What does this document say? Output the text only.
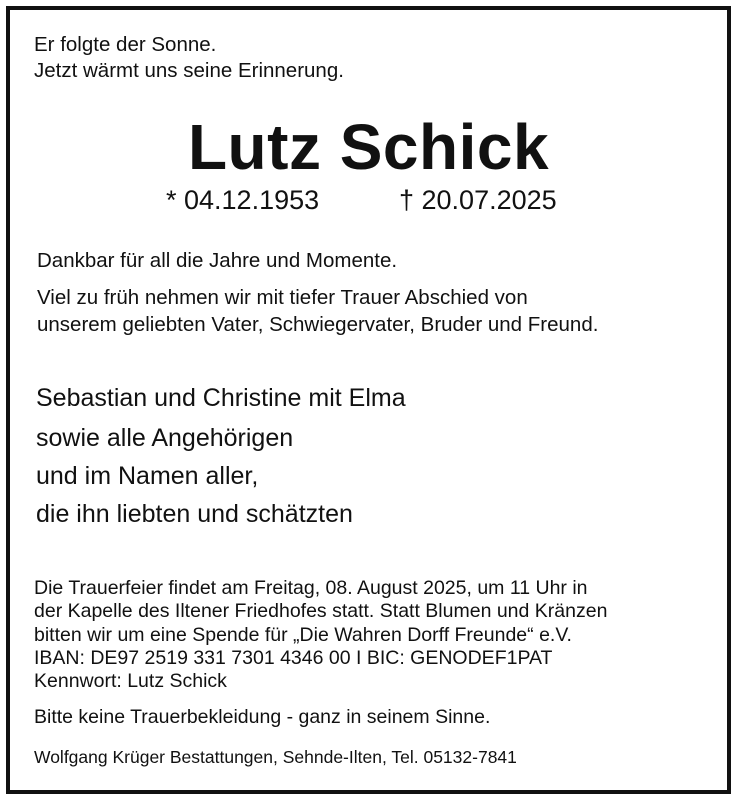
Er folgte der Sonne.
Jetzt wärmt uns seine Erinnerung.
Lutz Schick
* 04.12.1953	† 20.07.2025
Dankbar für all die Jahre und Momente.
Viel zu früh nehmen wir mit tiefer Trauer Abschied von
unserem geliebten Vater, Schwiegervater, Bruder und Freund.
Sebastian und Christine mit Elma
sowie alle Angehörigen
und im Namen aller,
die ihn liebten und schätzten
Die Trauerfeier findet am Freitag, 08. August 2025, um 11 Uhr in
der Kapelle des Iltener Friedhofes statt. Statt Blumen und Kränzen
bitten wir um eine Spende für „Die Wahren Dorff Freunde“ e.V.
IBAN: DE97 2519 331 7301 4346 00 I BIC: GENODEF1PAT
Kennwort: Lutz Schick
Bitte keine Trauerbekleidung - ganz in seinem Sinne.
Wolfgang Krüger Bestattungen, Sehnde-Ilten, Tel. 05132-7841
